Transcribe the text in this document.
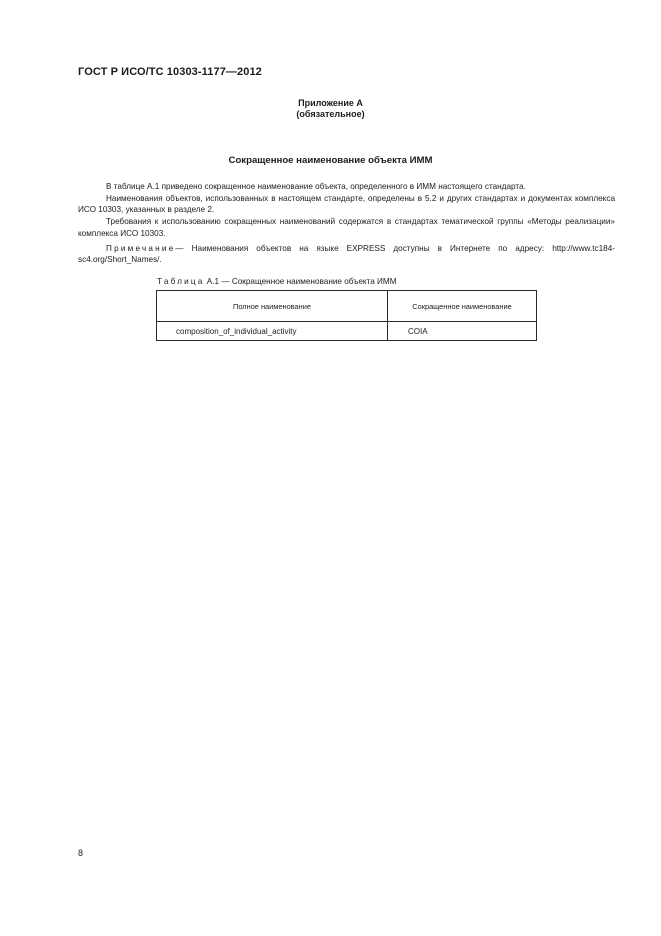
ГОСТ Р ИСО/ТС 10303-1177—2012
Приложение А
(обязательное)
Сокращенное наименование объекта ИММ

В таблице А.1 приведено сокращенное наименование объекта, определенного в ИММ настоящего стандарта.

Наименования объектов, использованных в настоящем стандарте, определены в 5.2 и других стандартах и документах комплекса ИСО 10303, указанных в разделе 2.

Требования к использованию сокращенных наименований содержатся в стандартах тематической группы «Методы реализации» комплекса ИСО 10303.

Примечание— Наименования объектов на языке EXPRESS доступны в Интернете по адресу: http://www.tc184-sc4.org/Short_Names/.

Таблица А.1 — Сокращенное наименование объекта ИММ
Полное наименование	Сокращенное наименование
composition_of_individual_activity	COIA
8
